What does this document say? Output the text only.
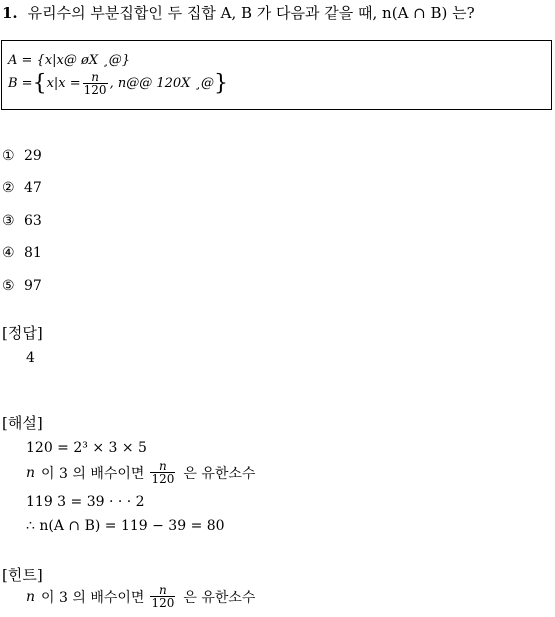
1. 유리수의 부분집합인 두 집합 A, B 가 다음과 같을 때, n(A ∩ B) 는?
A = {x|x@ øX ¸@}
B = { $x|x = \frac{n}{120}$ , n@@ 120X ¸@ }
① 29
② 47
③ 63
④ 81
⑤ 97
[정답]
4
[해설]
120 = 2³ × 3 × 5
n 이 3 의 배수이면 $\frac{n}{120}$ 은 유한소수
119 3 = 39 · · · 2
∴ n(A ∩ B) = 119 − 39 = 80
[힌트]
n 이 3 의 배수이면 $\frac{n}{120}$ 은 유한소수
